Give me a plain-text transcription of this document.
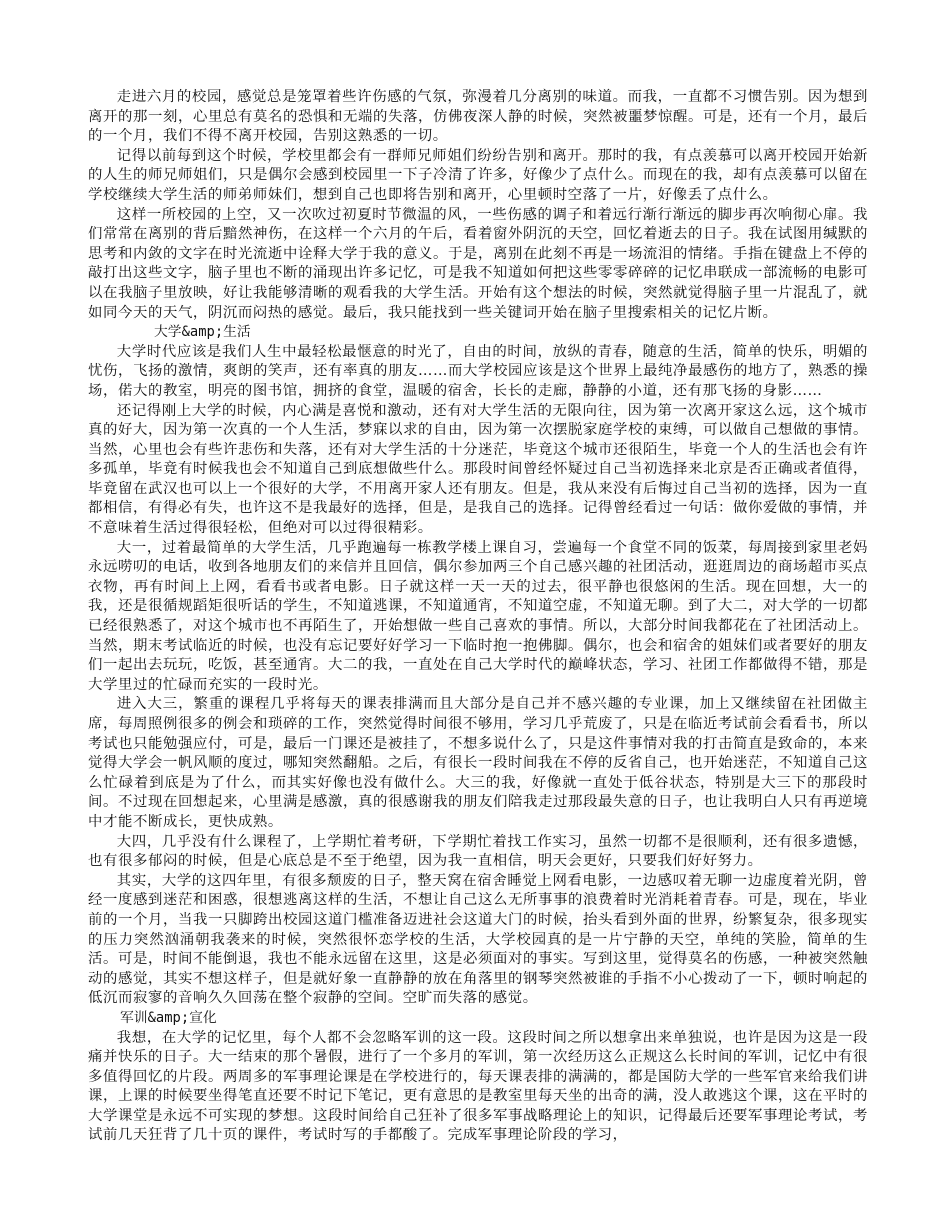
走进六月的校园，感觉总是笼罩着些许伤感的气氛，弥漫着几分离别的味道。而我，一直都不习惯告别。因为想到离开的那一刻，心里总有莫名的恐惧和无端的失落，仿佛夜深人静的时候，突然被噩梦惊醒。可是，还有一个月，最后的一个月，我们不得不离开校园，告别这熟悉的一切。

记得以前每到这个时候，学校里都会有一群师兄师姐们纷纷告别和离开。那时的我，有点羡慕可以离开校园开始新的人生的师兄师姐们，只是偶尔会感到校园里一下子冷清了许多，好像少了点什么。而现在的我，却有点羡慕可以留在学校继续大学生活的师弟师妹们，想到自己也即将告别和离开，心里顿时空落了一片，好像丢了点什么。

这样一所校园的上空，又一次吹过初夏时节微温的风，一些伤感的调子和着远行渐行渐远的脚步再次响彻心扉。我们常常在离别的背后黯然神伤，在这样一个六月的午后，看着窗外阴沉的天空，回忆着逝去的日子。我在试图用缄默的思考和内敛的文字在时光流逝中诠释大学于我的意义。于是，离别在此刻不再是一场流泪的情绪。手指在键盘上不停的敲打出这些文字，脑子里也不断的涌现出许多记忆，可是我不知道如何把这些零零碎碎的记忆串联成一部流畅的电影可以在我脑子里放映，好让我能够清晰的观看我的大学生活。开始有这个想法的时候，突然就觉得脑子里一片混乱了，就如同今天的天气，阴沉而闷热的感觉。最后，我只能找到一些关键词开始在脑子里搜索相关的记忆片断。

大学&amp;生活

大学时代应该是我们人生中最轻松最惬意的时光了，自由的时间，放纵的青春，随意的生活，简单的快乐，明媚的忧伤，飞扬的激情，爽朗的笑声，还有率真的朋友……而大学校园应该是这个世界上最纯净最感伤的地方了，熟悉的操场，偌大的教室，明亮的图书馆，拥挤的食堂，温暖的宿舍，长长的走廊，静静的小道，还有那飞扬的身影……

还记得刚上大学的时候，内心满是喜悦和激动，还有对大学生活的无限向往，因为第一次离开家这么远，这个城市真的好大，因为第一次真的一个人生活，梦寐以求的自由，因为第一次摆脱家庭学校的束缚，可以做自己想做的事情。当然，心里也会有些许悲伤和失落，还有对大学生活的十分迷茫，毕竟这个城市还很陌生，毕竟一个人的生活也会有许多孤单，毕竟有时候我也会不知道自己到底想做些什么。那段时间曾经怀疑过自己当初选择来北京是否正确或者值得，毕竟留在武汉也可以上一个很好的大学，不用离开家人还有朋友。但是，我从来没有后悔过自己当初的选择，因为一直都相信，有得必有失，也许这不是我最好的选择，但是，是我自己的选择。记得曾经看过一句话：做你爱做的事情，并不意味着生活过得很轻松，但绝对可以过得很精彩。

大一，过着最简单的大学生活，几乎跑遍每一栋教学楼上课自习，尝遍每一个食堂不同的饭菜，每周接到家里老妈永远唠叨的电话，收到各地朋友们的来信并且回信，偶尔参加两三个自己感兴趣的社团活动，逛逛周边的商场超市买点衣物，再有时间上上网，看看书或者电影。日子就这样一天一天的过去，很平静也很悠闲的生活。现在回想，大一的我，还是很循规蹈矩很听话的学生，不知道逃课，不知道通宵，不知道空虚，不知道无聊。到了大二，对大学的一切都已经很熟悉了，对这个城市也不再陌生了，开始想做一些自己喜欢的事情。所以，大部分时间我都花在了社团活动上。当然，期末考试临近的时候，也没有忘记要好好学习一下临时抱一抱佛脚。偶尔，也会和宿舍的姐妹们或者要好的朋友们一起出去玩玩，吃饭，甚至通宵。大二的我，一直处在自己大学时代的巅峰状态，学习、社团工作都做得不错，那是大学里过的忙碌而充实的一段时光。

进入大三，繁重的课程几乎将每天的课表排满而且大部分是自己并不感兴趣的专业课，加上又继续留在社团做主席，每周照例很多的例会和琐碎的工作，突然觉得时间很不够用，学习几乎荒废了，只是在临近考试前会看看书，所以考试也只能勉强应付，可是，最后一门课还是被挂了，不想多说什么了，只是这件事情对我的打击简直是致命的，本来觉得大学会一帆风顺的度过，哪知突然翻船。之后，有很长一段时间我在不停的反省自己，也开始迷茫，不知道自己这么忙碌着到底是为了什么，而其实好像也没有做什么。大三的我，好像就一直处于低谷状态，特别是大三下的那段时间。不过现在回想起来，心里满是感激，真的很感谢我的朋友们陪我走过那段最失意的日子，也让我明白人只有再逆境中才能不断成长，更快成熟。

大四，几乎没有什么课程了，上学期忙着考研，下学期忙着找工作实习，虽然一切都不是很顺利，还有很多遗憾，也有很多郁闷的时候，但是心底总是不至于绝望，因为我一直相信，明天会更好，只要我们好好努力。

其实，大学的这四年里，有很多颓废的日子，整天窝在宿舍睡觉上网看电影，一边感叹着无聊一边虚度着光阴，曾经一度感到迷茫和困惑，很想逃离这样的生活，不想让自己这么无所事事的浪费着时光消耗着青春。可是，现在，毕业前的一个月，当我一只脚跨出校园这道门槛准备迈进社会这道大门的时候，抬头看到外面的世界，纷繁复杂，很多现实的压力突然汹涌朝我袭来的时候，突然很怀恋学校的生活，大学校园真的是一片宁静的天空，单纯的笑脸，简单的生活。可是，时间不能倒退，我也不能永远留在这里，这是必须面对的事实。写到这里，觉得莫名的伤感，一种被突然触动的感觉，其实不想这样子，但是就好象一直静静的放在角落里的钢琴突然被谁的手指不小心拨动了一下，顿时响起的低沉而寂寥的音响久久回荡在整个寂静的空间。空旷而失落的感觉。

军训&amp;宣化

我想，在大学的记忆里，每个人都不会忽略军训的这一段。这段时间之所以想拿出来单独说，也许是因为这是一段痛并快乐的日子。大一结束的那个暑假，进行了一个多月的军训，第一次经历这么正规这么长时间的军训，记忆中有很多值得回忆的片段。两周多的军事理论课是在学校进行的，每天课表排的满满的，都是国防大学的一些军官来给我们讲课，上课的时候要坐得笔直还要不时记下笔记，更有意思的是教室里每天坐的出奇的满，没人敢逃这个课，这在平时的大学课堂是永远不可实现的梦想。这段时间给自己狂补了很多军事战略理论上的知识，记得最后还要军事理论考试，考试前几天狂背了几十页的课件，考试时写的手都酸了。完成军事理论阶段的学习，
